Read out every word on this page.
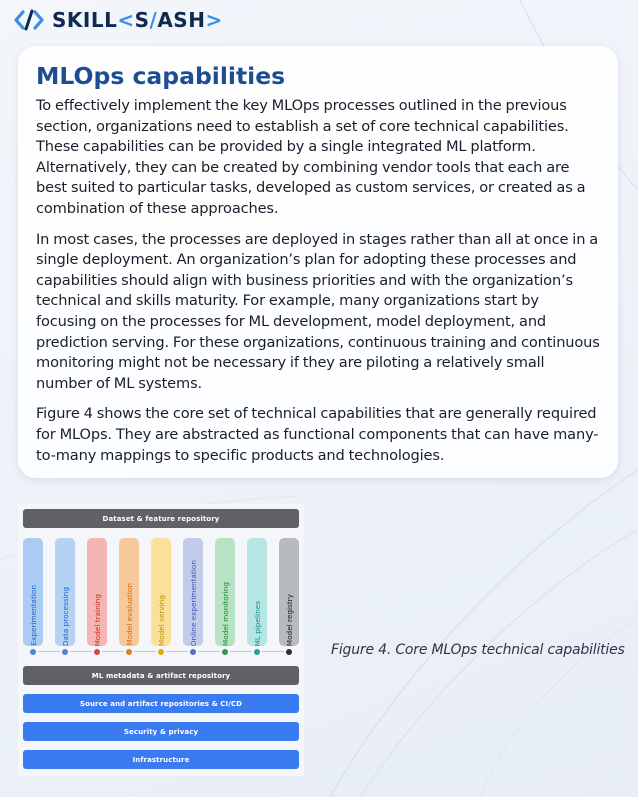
SKILL<S/ASH>
MLOps capabilities

To effectively implement the key MLOps processes outlined in the previous section, organizations need to establish a set of core technical capabilities. These capabilities can be provided by a single integrated ML platform. Alternatively, they can be created by combining vendor tools that each are best suited to particular tasks, developed as custom services, or created as a combination of these approaches.

In most cases, the processes are deployed in stages rather than all at once in a single deployment. An organization’s plan for adopting these processes and capabilities should align with business priorities and with the organization’s technical and skills maturity. For example, many organizations start by focusing on the processes for ML development, model deployment, and prediction serving. For these organizations, continuous training and continuous monitoring might not be necessary if they are piloting a relatively small number of ML systems.

Figure 4 shows the core set of technical capabilities that are generally required for MLOps. They are abstracted as functional components that can have many-to-many mappings to specific products and technologies.

Dataset & feature repository
Experimentation	Data processing	Model training	Model evaluation	Model serving	Online experimentation	Model monitoring	ML pipelines	Model registry
ML metadata & artifact repository
Source and artifact repositories & CI/CD
Security & privacy
Infrastructure
Figure 4. Core MLOps technical capabilities
